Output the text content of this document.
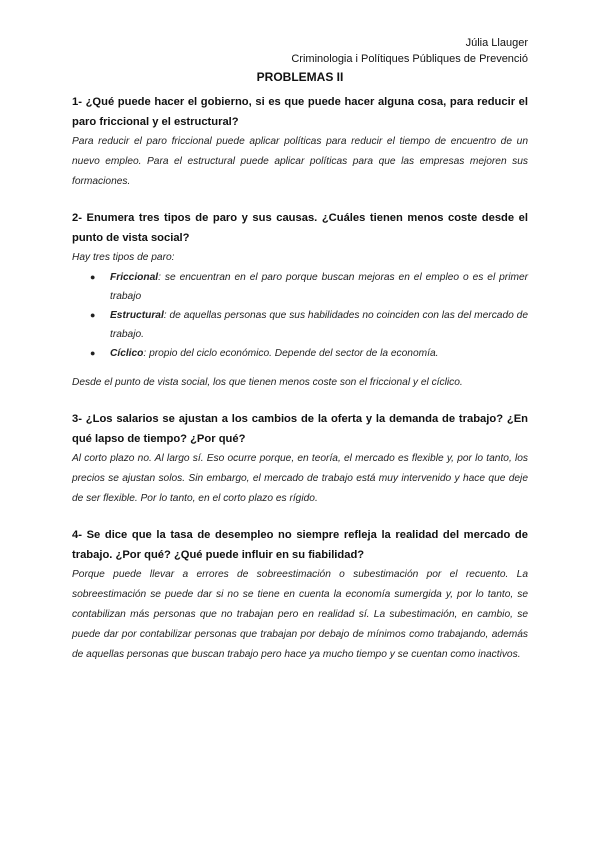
Júlia Llauger
Criminologia i Polítiques Públiques de Prevenció
PROBLEMAS II

1- ¿Qué puede hacer el gobierno, si es que puede hacer alguna cosa, para reducir el paro friccional y el estructural?

Para reducir el paro friccional puede aplicar políticas para reducir el tiempo de encuentro de un nuevo empleo. Para el estructural puede aplicar políticas para que las empresas mejoren sus formaciones.

2- Enumera tres tipos de paro y sus causas. ¿Cuáles tienen menos coste desde el punto de vista social?

Hay tres tipos de paro:

● Friccional: se encuentran en el paro porque buscan mejoras en el empleo o es el primer trabajo
● Estructural: de aquellas personas que sus habilidades no coinciden con las del mercado de trabajo.
● Cíclico: propio del ciclo económico. Depende del sector de la economía.

Desde el punto de vista social, los que tienen menos coste son el friccional y el cíclico.

3- ¿Los salarios se ajustan a los cambios de la oferta y la demanda de trabajo? ¿En qué lapso de tiempo? ¿Por qué?

Al corto plazo no. Al largo sí. Eso ocurre porque, en teoría, el mercado es flexible y, por lo tanto, los precios se ajustan solos. Sin embargo, el mercado de trabajo está muy intervenido y hace que deje de ser flexible. Por lo tanto, en el corto plazo es rígido.

4- Se dice que la tasa de desempleo no siempre refleja la realidad del mercado de trabajo. ¿Por qué? ¿Qué puede influir en su fiabilidad?

Porque puede llevar a errores de sobreestimación o subestimación por el recuento. La sobreestimación se puede dar si no se tiene en cuenta la economía sumergida y, por lo tanto, se contabilizan más personas que no trabajan pero en realidad sí. La subestimación, en cambio, se puede dar por contabilizar personas que trabajan por debajo de mínimos como trabajando, además de aquellas personas que buscan trabajo pero hace ya mucho tiempo y se cuentan como inactivos.
